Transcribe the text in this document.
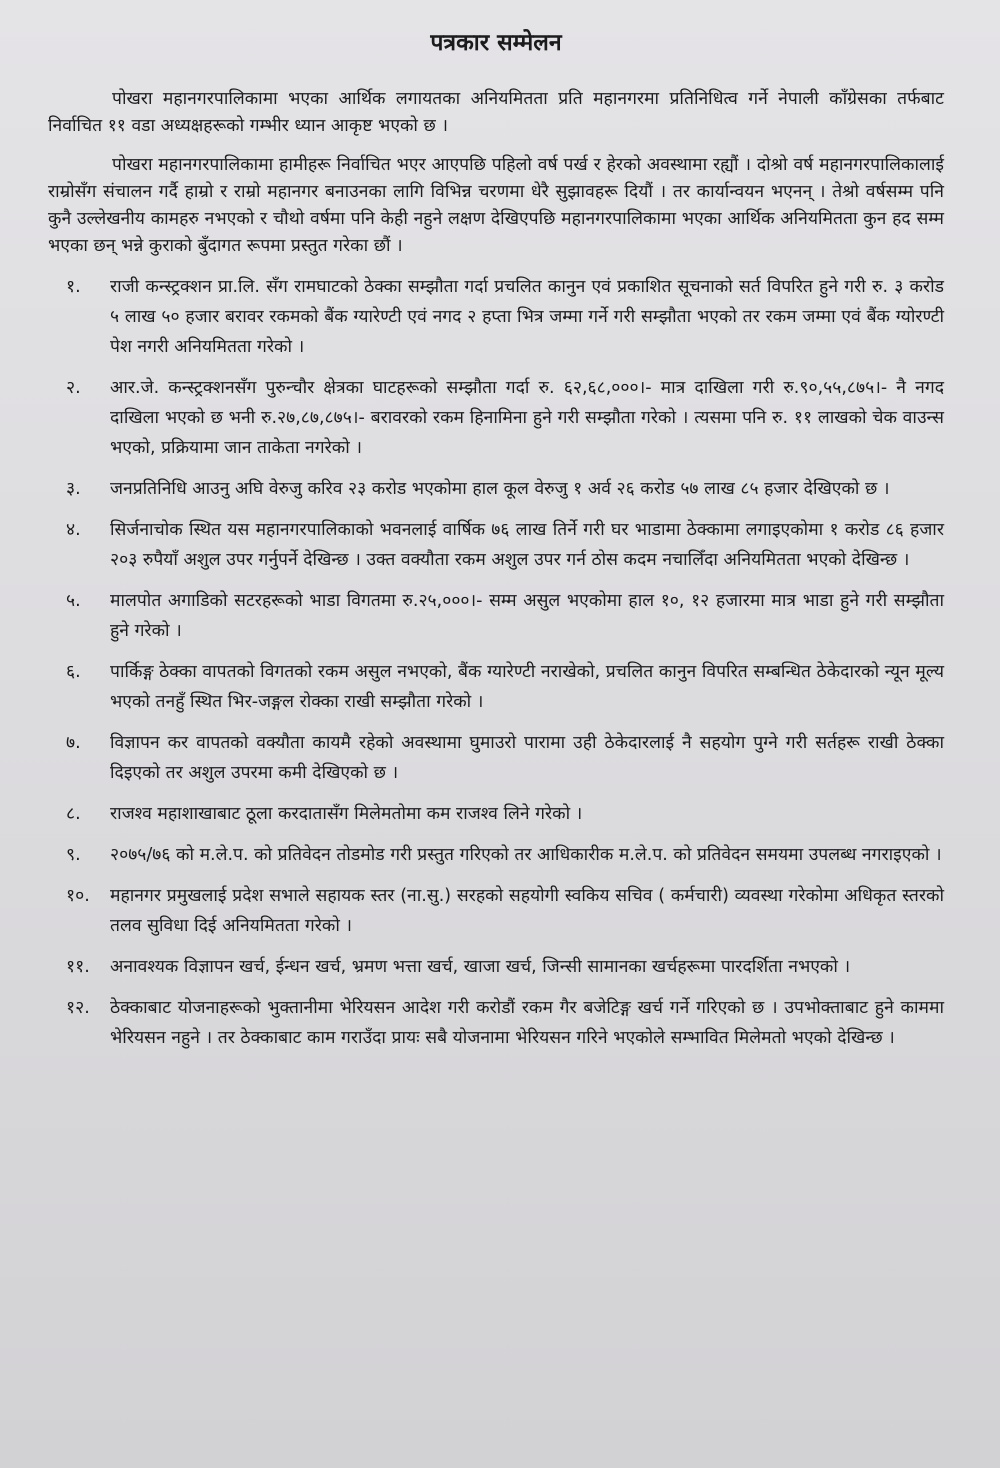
पत्रकार सम्मेलन

पोखरा महानगरपालिकामा भएका आर्थिक लगायतका अनियमितता प्रति महानगरमा प्रतिनिधित्व गर्ने नेपाली काँग्रेसका तर्फबाट निर्वाचित ११ वडा अध्यक्षहरूको गम्भीर ध्यान आकृष्ट भएको छ ।

पोखरा महानगरपालिकामा हामीहरू निर्वाचित भएर आएपछि पहिलो वर्ष पर्ख र हेरको अवस्थामा रह्यौं । दोश्रो वर्ष महानगरपालिकालाई राम्रोसँग संचालन गर्दै हाम्रो र राम्रो महानगर बनाउनका लागि विभिन्न चरणमा धेरै सुझावहरू दियौं । तर कार्यान्वयन भएनन् । तेश्रो वर्षसम्म पनि कुनै उल्लेखनीय कामहरु नभएको र चौथो वर्षमा पनि केही नहुने लक्षण देखिएपछि महानगरपालिकामा भएका आर्थिक अनियमितता कुन हद सम्म भएका छन् भन्ने कुराको बुँदागत रूपमा प्रस्तुत गरेका छौं ।

१.	राजी कन्स्ट्रक्शन प्रा.लि. सँग रामघाटको ठेक्का सम्झौता गर्दा प्रचलित कानुन एवं प्रकाशित सूचनाको सर्त विपरित हुने गरी रु. ३ करोड ५ लाख ५० हजार बरावर रकमको बैंक ग्यारेण्टी एवं नगद २ हप्ता भित्र जम्मा गर्ने गरी सम्झौता भएको तर रकम जम्मा एवं बैंक ग्योरण्टी पेश नगरी अनियमितता गरेको ।
२.	आर.जे. कन्स्ट्रक्शनसँग पुरुन्चौर क्षेत्रका घाटहरूको सम्झौता गर्दा रु. ६२,६८,०००।- मात्र दाखिला गरी रु.९०,५५,८७५।- नै नगद दाखिला भएको छ भनी रु.२७,८७,८७५।- बरावरको रकम हिनामिना हुने गरी सम्झौता गरेको । त्यसमा पनि रु. ११ लाखको चेक वाउन्स भएको, प्रक्रियामा जान ताकेता नगरेको ।
३.	जनप्रतिनिधि आउनु अघि वेरुजु करिव २३ करोड भएकोमा हाल कूल वेरुजु १ अर्व २६ करोड ५७ लाख ८५ हजार देखिएको छ ।
४.	सिर्जनाचोक स्थित यस महानगरपालिकाको भवनलाई वार्षिक ७६ लाख तिर्ने गरी घर भाडामा ठेक्कामा लगाइएकोमा १ करोड ८६ हजार २०३ रुपैयाँ अशुल उपर गर्नुपर्ने देखिन्छ । उक्त वक्यौता रकम अशुल उपर गर्न ठोस कदम नचालिँदा अनियमितता भएको देखिन्छ ।
५.	मालपोत अगाडिको सटरहरूको भाडा विगतमा रु.२५,०००।- सम्म असुल भएकोमा हाल १०, १२ हजारमा मात्र भाडा हुने गरी सम्झौता हुने गरेको ।
६.	पार्किङ्ग ठेक्का वापतको विगतको रकम असुल नभएको, बैंक ग्यारेण्टी नराखेको, प्रचलित कानुन विपरित सम्बन्धित ठेकेदारको न्यून मूल्य भएको तनहुँ स्थित भिर-जङ्गल रोक्का राखी सम्झौता गरेको ।
७.	विज्ञापन कर वापतको वक्यौता कायमै रहेको अवस्थामा घुमाउरो पारामा उही ठेकेदारलाई नै सहयोग पुग्ने गरी सर्तहरू राखी ठेक्का दिइएको तर अशुल उपरमा कमी देखिएको छ ।
८.	राजश्व महाशाखाबाट ठूला करदातासँग मिलेमतोमा कम राजश्व लिने गरेको ।
९.	२०७५/७६ को म.ले.प. को प्रतिवेदन तोडमोड गरी प्रस्तुत गरिएको तर आधिकारीक म.ले.प. को प्रतिवेदन समयमा उपलब्ध नगराइएको ।
१०.	महानगर प्रमुखलाई प्रदेश सभाले सहायक स्तर (ना.सु.) सरहको सहयोगी स्वकिय सचिव ( कर्मचारी) व्यवस्था गरेकोमा अधिकृत स्तरको तलव सुविधा दिई अनियमितता गरेको ।
११.	अनावश्यक विज्ञापन खर्च, ईन्धन खर्च, भ्रमण भत्ता खर्च, खाजा खर्च, जिन्सी सामानका खर्चहरूमा पारदर्शिता नभएको ।
१२.	ठेक्काबाट योजनाहरूको भुक्तानीमा भेरियसन आदेश गरी करोडौं रकम गैर बजेटिङ्ग खर्च गर्ने गरिएको छ । उपभोक्ताबाट हुने काममा भेरियसन नहुने । तर ठेक्काबाट काम गराउँदा प्रायः सबै योजनामा भेरियसन गरिने भएकोले सम्भावित मिलेमतो भएको देखिन्छ ।
